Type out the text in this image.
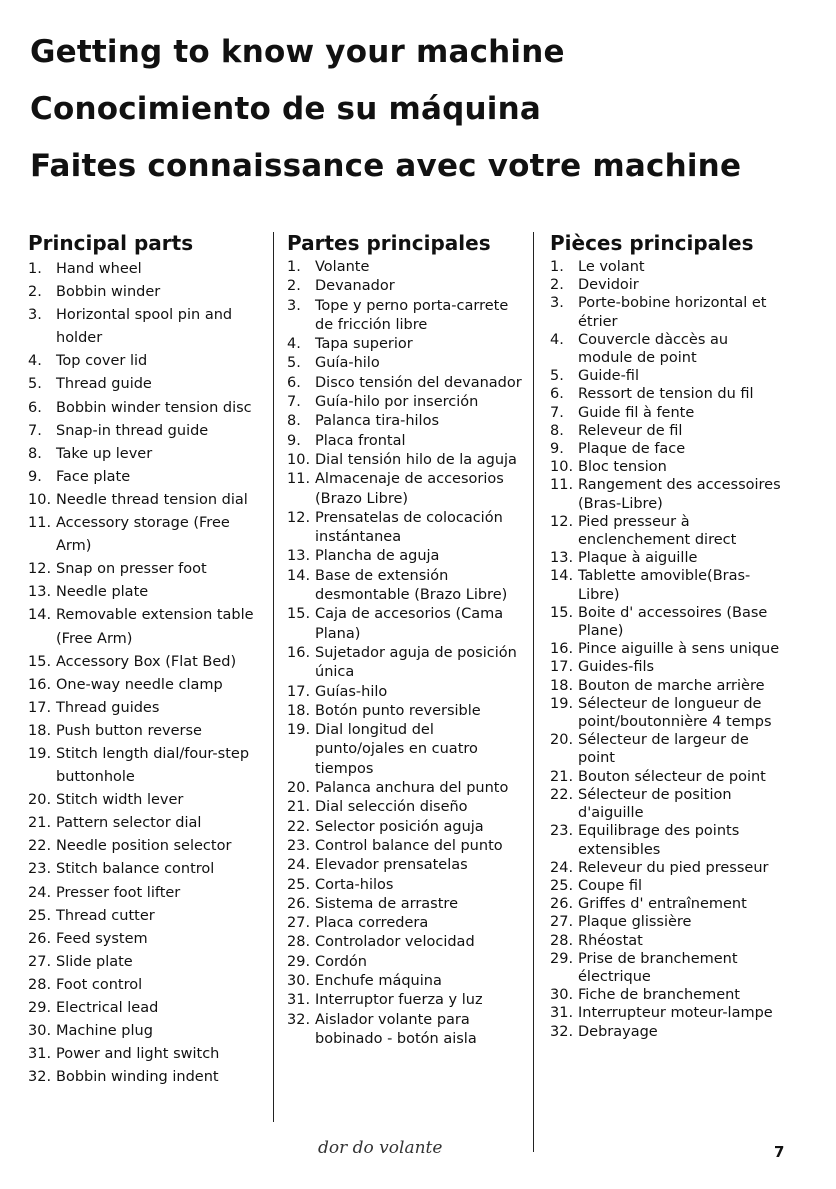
Getting to know your machine
Conocimiento de su máquina
Faites connaissance avec votre machine
Principal parts
1. Hand wheel
2. Bobbin winder
3. Horizontal spool pin and holder
4. Top cover lid
5. Thread guide
6. Bobbin winder tension disc
7. Snap-in thread guide
8. Take up lever
9. Face plate
10. Needle thread tension dial
11. Accessory storage (Free Arm)
12. Snap on presser foot
13. Needle plate
14. Removable extension table (Free Arm)
15. Accessory Box (Flat Bed)
16. One-way needle clamp
17. Thread guides
18. Push button reverse
19. Stitch length dial/four-step buttonhole
20. Stitch width lever
21. Pattern selector dial
22. Needle position selector
23. Stitch balance control
24. Presser foot lifter
25. Thread cutter
26. Feed system
27. Slide plate
28. Foot control
29. Electrical lead
30. Machine plug
31. Power and light switch
32. Bobbin winding indent
Partes principales
1. Volante
2. Devanador
3. Tope y perno porta-carrete de fricción libre
4. Tapa superior
5. Guía-hilo
6. Disco tensión del devanador
7. Guía-hilo por inserción
8. Palanca tira-hilos
9. Placa frontal
10. Dial tensión hilo de la aguja
11. Almacenaje de accesorios (Brazo Libre)
12. Prensatelas de colocación instántanea
13. Plancha de aguja
14. Base de extensión desmontable (Brazo Libre)
15. Caja de accesorios (Cama Plana)
16. Sujetador aguja de posición única
17. Guías-hilo
18. Botón punto reversible
19. Dial longitud del punto/ojales en cuatro tiempos
20. Palanca anchura del punto
21. Dial selección diseño
22. Selector posición aguja
23. Control balance del punto
24. Elevador prensatelas
25. Corta-hilos
26. Sistema de arrastre
27. Placa corredera
28. Controlador velocidad
29. Cordón
30. Enchufe máquina
31. Interruptor fuerza y luz
32. Aislador volante para bobinado - botón aisla
Pièces principales
1. Le volant
2. Devidoir
3. Porte-bobine horizontal et étrier
4. Couvercle dàccès au module de point
5. Guide-fil
6. Ressort de tension du fil
7. Guide fil à fente
8. Releveur de fil
9. Plaque de face
10. Bloc tension
11. Rangement des accessoires (Bras-Libre)
12. Pied presseur à enclenchement direct
13. Plaque à aiguille
14. Tablette amovible(Bras-Libre)
15. Boite d' accessoires (Base Plane)
16. Pince aiguille à sens unique
17. Guides-fils
18. Bouton de marche arrière
19. Sélecteur de longueur de point/boutonnière 4 temps
20. Sélecteur de largeur de point
21. Bouton sélecteur de point
22. Sélecteur de position d'aiguille
23. Equilibrage des points extensibles
24. Releveur du pied presseur
25. Coupe fil
26. Griffes d' entraînement
27. Plaque glissière
28. Rhéostat
29. Prise de branchement électrique
30. Fiche de branchement
31. Interrupteur moteur-lampe
32. Debrayage
dor do volante	7
